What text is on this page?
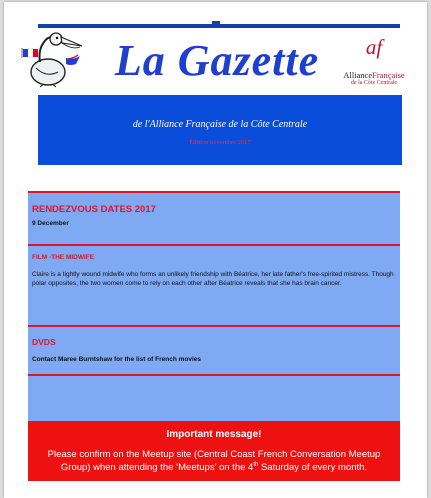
La Gazette	af
AllianceFrançaise
de la Côte Centrale
de l'Alliance Française de la Côte Centrale
Édition novembre 2017
RENDEZVOUS DATES 2017
9 December
FILM -THE MIDWIFE
Claire is a tightly wound midwife who forms an unlikely friendship with Béatrice, her late father's free-spirited mistress. Though polar opposites, the two women come to rely on each other after Béatrice reveals that she has brain cancer.
DVDS
Contact Maree Burntshaw for the list of French movies
Important message!
Please confirm on the Meetup site (Central Coast French Conversation Meetup Group) when attending the ‘Meetups’ on the 4th Saturday of every month.
